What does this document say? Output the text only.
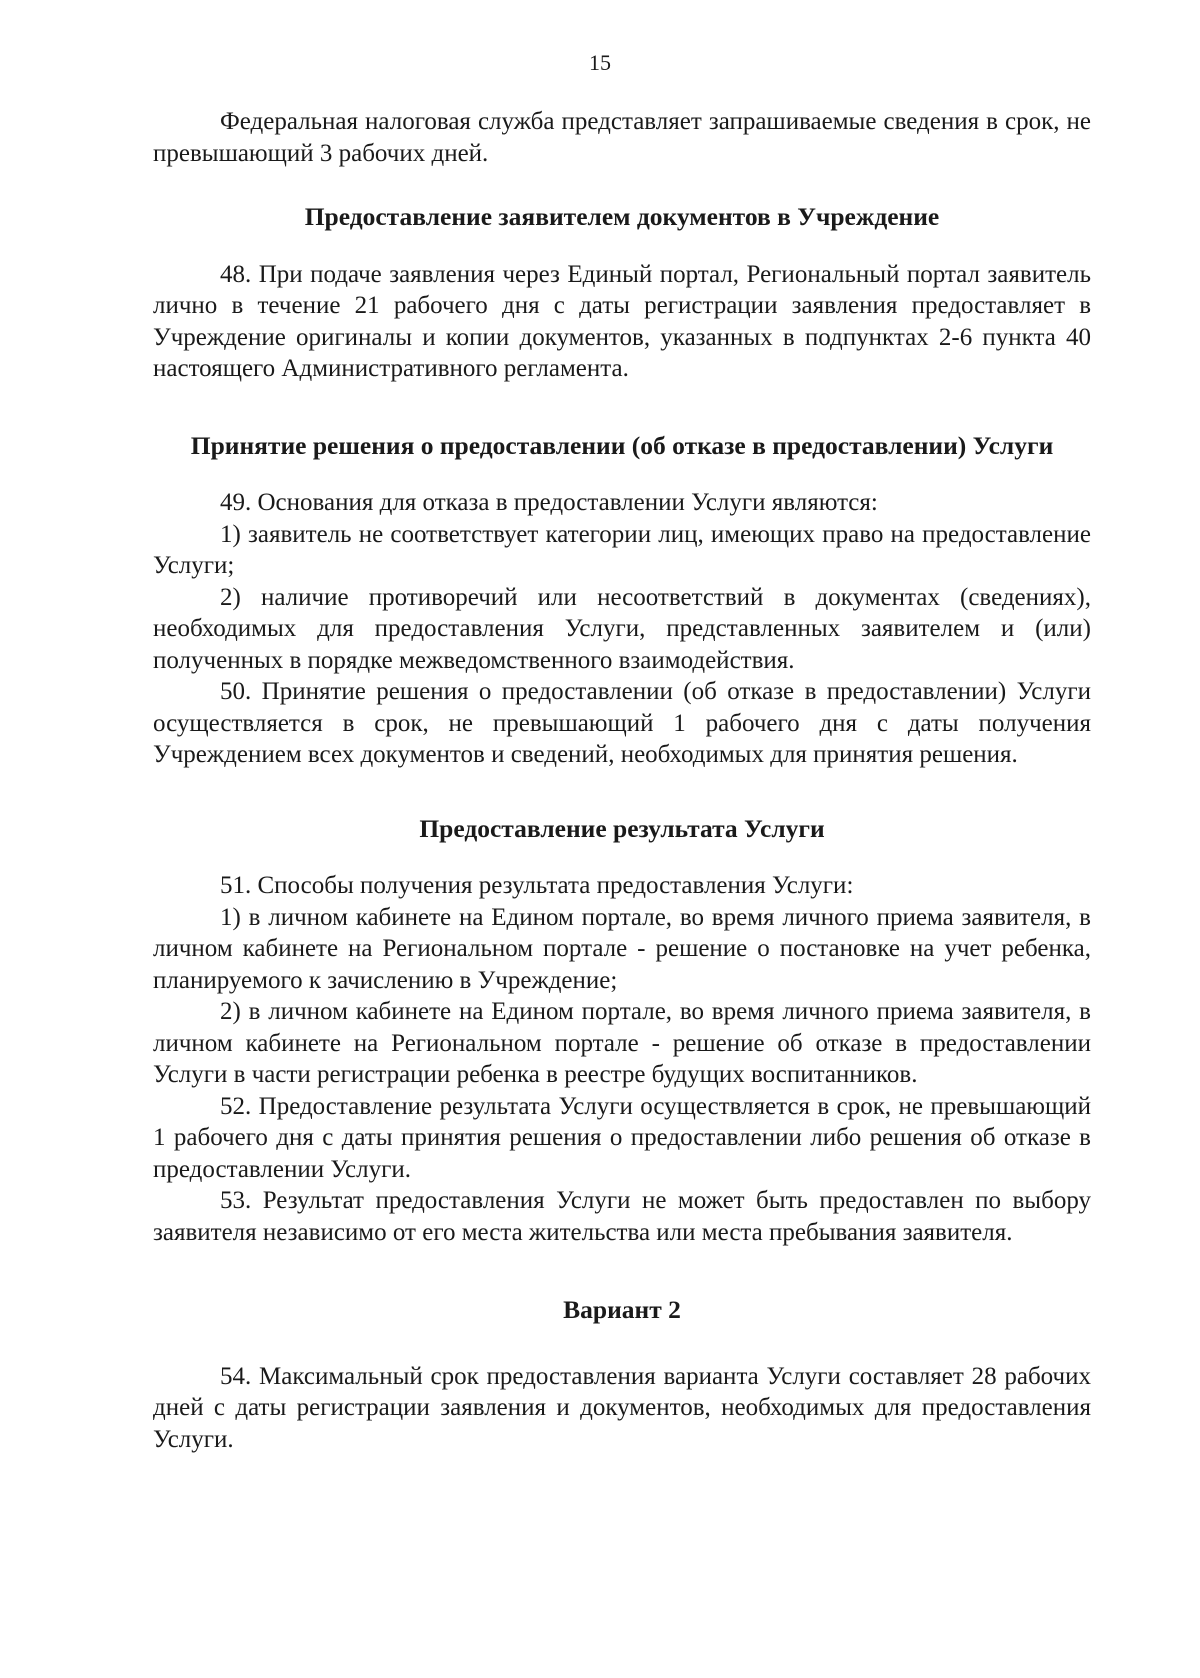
15

Федеральная налоговая служба представляет запрашиваемые сведения в срок, не превышающий 3 рабочих дней.

Предоставление заявителем документов в Учреждение

48. При подаче заявления через Единый портал, Региональный портал заявитель лично в течение 21 рабочего дня с даты регистрации заявления предоставляет в Учреждение оригиналы и копии документов, указанных в подпунктах 2-6 пункта 40 настоящего Административного регламента.

Принятие решения о предоставлении (об отказе в предоставлении) Услуги

49. Основания для отказа в предоставлении Услуги являются:

1) заявитель не соответствует категории лиц, имеющих право на предоставление Услуги;

2) наличие противоречий или несоответствий в документах (сведениях), необходимых для предоставления Услуги, представленных заявителем и (или) полученных в порядке межведомственного взаимодействия.

50. Принятие решения о предоставлении (об отказе в предоставлении) Услуги осуществляется в срок, не превышающий 1 рабочего дня с даты получения Учреждением всех документов и сведений, необходимых для принятия решения.

Предоставление результата Услуги

51. Способы получения результата предоставления Услуги:

1) в личном кабинете на Едином портале, во время личного приема заявителя, в личном кабинете на Региональном портале - решение о постановке на учет ребенка, планируемого к зачислению в Учреждение;

2) в личном кабинете на Едином портале, во время личного приема заявителя, в личном кабинете на Региональном портале - решение об отказе в предоставлении Услуги в части регистрации ребенка в реестре будущих воспитанников.

52. Предоставление результата Услуги осуществляется в срок, не превышающий 1 рабочего дня с даты принятия решения о предоставлении либо решения об отказе в предоставлении Услуги.

53. Результат предоставления Услуги не может быть предоставлен по выбору заявителя независимо от его места жительства или места пребывания заявителя.

Вариант 2

54. Максимальный срок предоставления варианта Услуги составляет 28 рабочих дней с даты регистрации заявления и документов, необходимых для предоставления Услуги.
